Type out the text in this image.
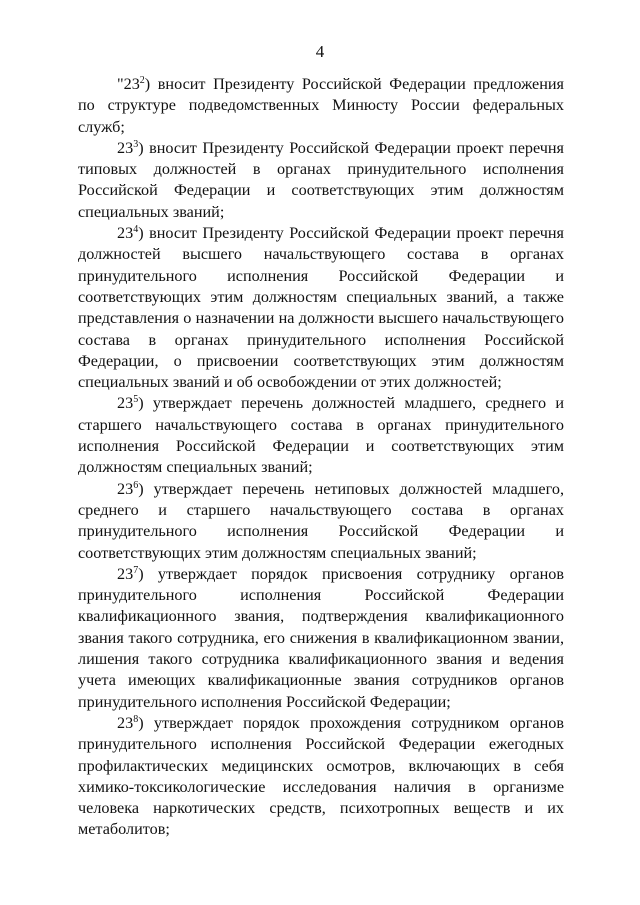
4

"$23^2$) вносит Президенту Российской Федерации предложения по структуре подведомственных Минюсту России федеральных служб;

$23^3$) вносит Президенту Российской Федерации проект перечня типовых должностей в органах принудительного исполнения Российской Федерации и соответствующих этим должностям специальных званий;

$23^4$) вносит Президенту Российской Федерации проект перечня должностей высшего начальствующего состава в органах принудительного исполнения Российской Федерации и соответствующих этим должностям специальных званий, а также представления о назначении на должности высшего начальствующего состава в органах принудительного исполнения Российской Федерации, о присвоении соответствующих этим должностям специальных званий и об освобождении от этих должностей;

$23^5$) утверждает перечень должностей младшего, среднего и старшего начальствующего состава в органах принудительного исполнения Российской Федерации и соответствующих этим должностям специальных званий;

$23^6$) утверждает перечень нетиповых должностей младшего, среднего и старшего начальствующего состава в органах принудительного исполнения Российской Федерации и соответствующих этим должностям специальных званий;

$23^7$) утверждает порядок присвоения сотруднику органов принудительного исполнения Российской Федерации квалификационного звания, подтверждения квалификационного звания такого сотрудника, его снижения в квалификационном звании, лишения такого сотрудника квалификационного звания и ведения учета имеющих квалификационные звания сотрудников органов принудительного исполнения Российской Федерации;

$23^8$) утверждает порядок прохождения сотрудником органов принудительного исполнения Российской Федерации ежегодных профилактических медицинских осмотров, включающих в себя химико-токсикологические исследования наличия в организме человека наркотических средств, психотропных веществ и их метаболитов;
